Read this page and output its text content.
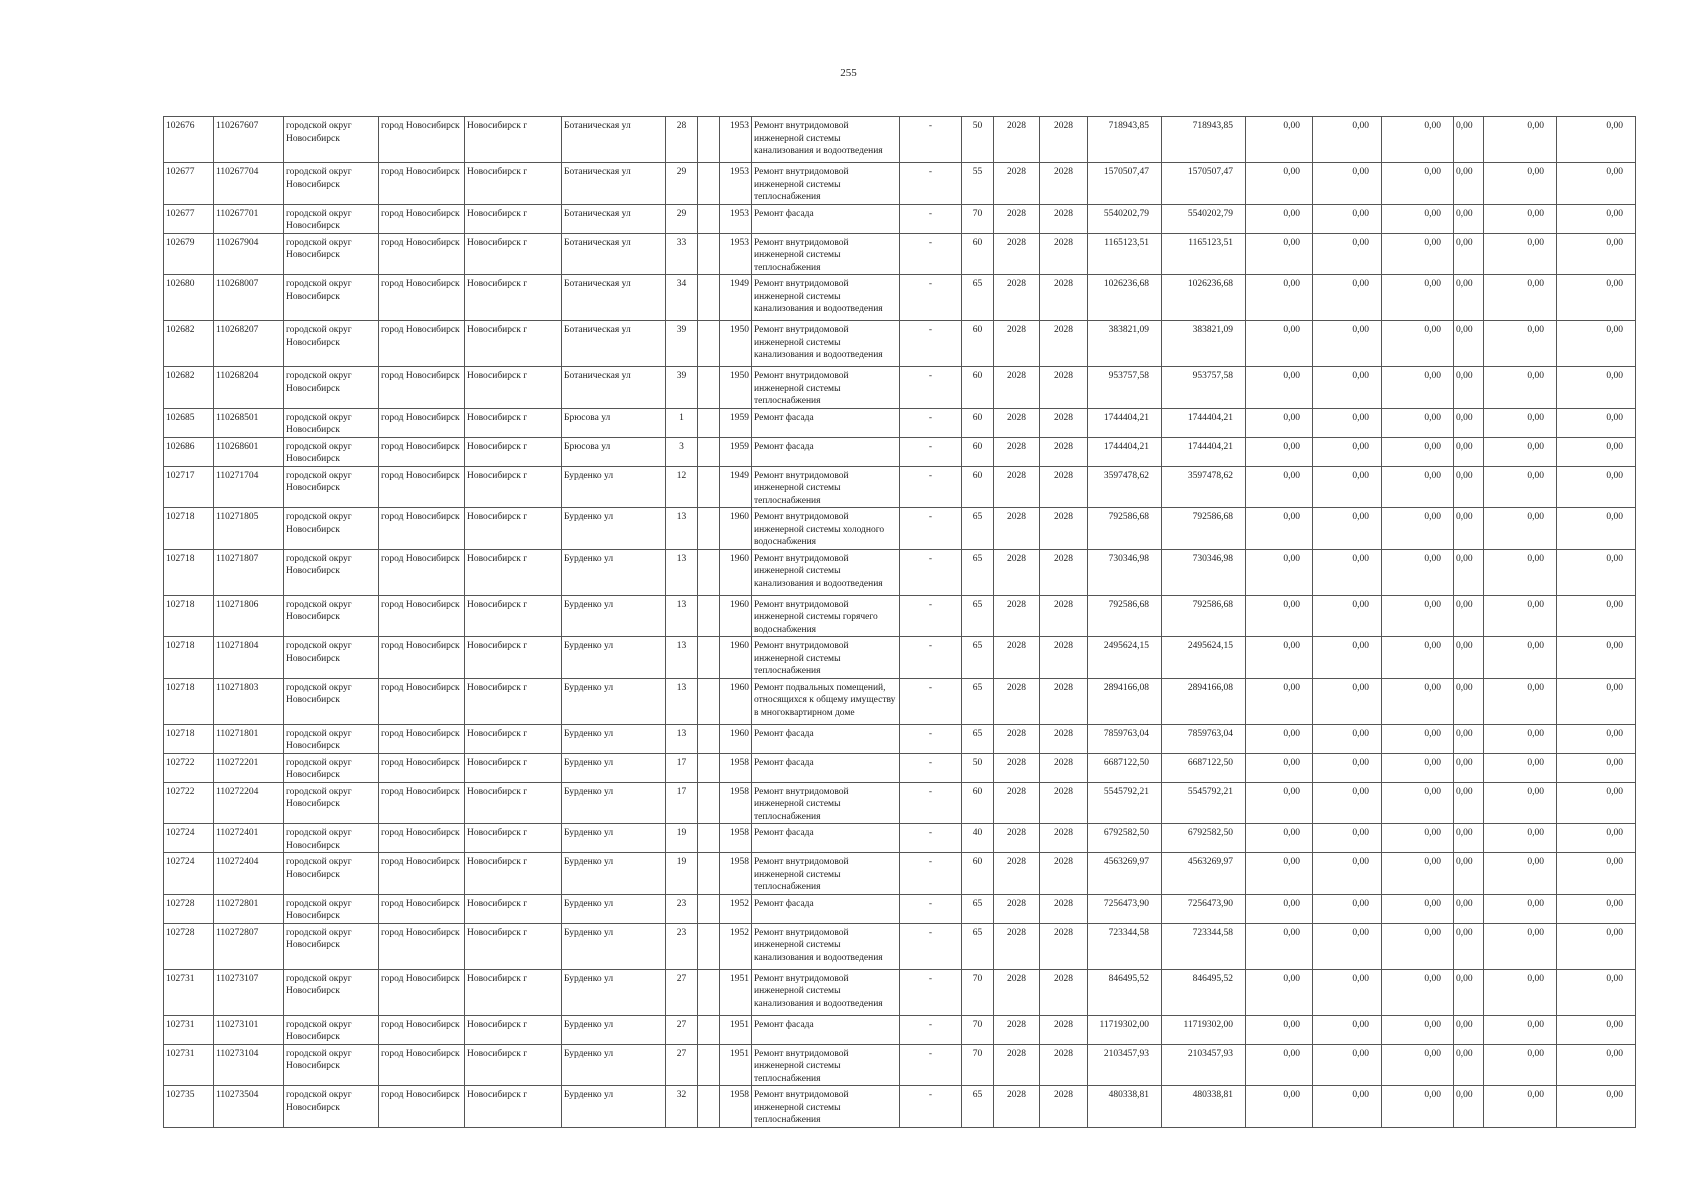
255
102676	110267607	городской округ Новосибирск	город Новосибирск	Новосибирск г	Ботаническая ул	28		1953	Ремонт внутридомовой инженерной системы канализования и водоотведения	-	50	2028	2028	718943,85	718943,85	0,00	0,00	0,00	0,00	0,00	0,00
102677	110267704	городской округ Новосибирск	город Новосибирск	Новосибирск г	Ботаническая ул	29		1953	Ремонт внутридомовой инженерной системы теплоснабжения	-	55	2028	2028	1570507,47	1570507,47	0,00	0,00	0,00	0,00	0,00	0,00
102677	110267701	городской округ Новосибирск	город Новосибирск	Новосибирск г	Ботаническая ул	29		1953	Ремонт фасада	-	70	2028	2028	5540202,79	5540202,79	0,00	0,00	0,00	0,00	0,00	0,00
102679	110267904	городской округ Новосибирск	город Новосибирск	Новосибирск г	Ботаническая ул	33		1953	Ремонт внутридомовой инженерной системы теплоснабжения	-	60	2028	2028	1165123,51	1165123,51	0,00	0,00	0,00	0,00	0,00	0,00
102680	110268007	городской округ Новосибирск	город Новосибирск	Новосибирск г	Ботаническая ул	34		1949	Ремонт внутридомовой инженерной системы канализования и водоотведения	-	65	2028	2028	1026236,68	1026236,68	0,00	0,00	0,00	0,00	0,00	0,00
102682	110268207	городской округ Новосибирск	город Новосибирск	Новосибирск г	Ботаническая ул	39		1950	Ремонт внутридомовой инженерной системы канализования и водоотведения	-	60	2028	2028	383821,09	383821,09	0,00	0,00	0,00	0,00	0,00	0,00
102682	110268204	городской округ Новосибирск	город Новосибирск	Новосибирск г	Ботаническая ул	39		1950	Ремонт внутридомовой инженерной системы теплоснабжения	-	60	2028	2028	953757,58	953757,58	0,00	0,00	0,00	0,00	0,00	0,00
102685	110268501	городской округ Новосибирск	город Новосибирск	Новосибирск г	Брюсова ул	1		1959	Ремонт фасада	-	60	2028	2028	1744404,21	1744404,21	0,00	0,00	0,00	0,00	0,00	0,00
102686	110268601	городской округ Новосибирск	город Новосибирск	Новосибирск г	Брюсова ул	3		1959	Ремонт фасада	-	60	2028	2028	1744404,21	1744404,21	0,00	0,00	0,00	0,00	0,00	0,00
102717	110271704	городской округ Новосибирск	город Новосибирск	Новосибирск г	Бурденко ул	12		1949	Ремонт внутридомовой инженерной системы теплоснабжения	-	60	2028	2028	3597478,62	3597478,62	0,00	0,00	0,00	0,00	0,00	0,00
102718	110271805	городской округ Новосибирск	город Новосибирск	Новосибирск г	Бурденко ул	13		1960	Ремонт внутридомовой инженерной системы холодного водоснабжения	-	65	2028	2028	792586,68	792586,68	0,00	0,00	0,00	0,00	0,00	0,00
102718	110271807	городской округ Новосибирск	город Новосибирск	Новосибирск г	Бурденко ул	13		1960	Ремонт внутридомовой инженерной системы канализования и водоотведения	-	65	2028	2028	730346,98	730346,98	0,00	0,00	0,00	0,00	0,00	0,00
102718	110271806	городской округ Новосибирск	город Новосибирск	Новосибирск г	Бурденко ул	13		1960	Ремонт внутридомовой инженерной системы горячего водоснабжения	-	65	2028	2028	792586,68	792586,68	0,00	0,00	0,00	0,00	0,00	0,00
102718	110271804	городской округ Новосибирск	город Новосибирск	Новосибирск г	Бурденко ул	13		1960	Ремонт внутридомовой инженерной системы теплоснабжения	-	65	2028	2028	2495624,15	2495624,15	0,00	0,00	0,00	0,00	0,00	0,00
102718	110271803	городской округ Новосибирск	город Новосибирск	Новосибирск г	Бурденко ул	13		1960	Ремонт подвальных помещений, относящихся к общему имуществу в многоквартирном доме	-	65	2028	2028	2894166,08	2894166,08	0,00	0,00	0,00	0,00	0,00	0,00
102718	110271801	городской округ Новосибирск	город Новосибирск	Новосибирск г	Бурденко ул	13		1960	Ремонт фасада	-	65	2028	2028	7859763,04	7859763,04	0,00	0,00	0,00	0,00	0,00	0,00
102722	110272201	городской округ Новосибирск	город Новосибирск	Новосибирск г	Бурденко ул	17		1958	Ремонт фасада	-	50	2028	2028	6687122,50	6687122,50	0,00	0,00	0,00	0,00	0,00	0,00
102722	110272204	городской округ Новосибирск	город Новосибирск	Новосибирск г	Бурденко ул	17		1958	Ремонт внутридомовой инженерной системы теплоснабжения	-	60	2028	2028	5545792,21	5545792,21	0,00	0,00	0,00	0,00	0,00	0,00
102724	110272401	городской округ Новосибирск	город Новосибирск	Новосибирск г	Бурденко ул	19		1958	Ремонт фасада	-	40	2028	2028	6792582,50	6792582,50	0,00	0,00	0,00	0,00	0,00	0,00
102724	110272404	городской округ Новосибирск	город Новосибирск	Новосибирск г	Бурденко ул	19		1958	Ремонт внутридомовой инженерной системы теплоснабжения	-	60	2028	2028	4563269,97	4563269,97	0,00	0,00	0,00	0,00	0,00	0,00
102728	110272801	городской округ Новосибирск	город Новосибирск	Новосибирск г	Бурденко ул	23		1952	Ремонт фасада	-	65	2028	2028	7256473,90	7256473,90	0,00	0,00	0,00	0,00	0,00	0,00
102728	110272807	городской округ Новосибирск	город Новосибирск	Новосибирск г	Бурденко ул	23		1952	Ремонт внутридомовой инженерной системы канализования и водоотведения	-	65	2028	2028	723344,58	723344,58	0,00	0,00	0,00	0,00	0,00	0,00
102731	110273107	городской округ Новосибирск	город Новосибирск	Новосибирск г	Бурденко ул	27		1951	Ремонт внутридомовой инженерной системы канализования и водоотведения	-	70	2028	2028	846495,52	846495,52	0,00	0,00	0,00	0,00	0,00	0,00
102731	110273101	городской округ Новосибирск	город Новосибирск	Новосибирск г	Бурденко ул	27		1951	Ремонт фасада	-	70	2028	2028	11719302,00	11719302,00	0,00	0,00	0,00	0,00	0,00	0,00
102731	110273104	городской округ Новосибирск	город Новосибирск	Новосибирск г	Бурденко ул	27		1951	Ремонт внутридомовой инженерной системы теплоснабжения	-	70	2028	2028	2103457,93	2103457,93	0,00	0,00	0,00	0,00	0,00	0,00
102735	110273504	городской округ Новосибирск	город Новосибирск	Новосибирск г	Бурденко ул	32		1958	Ремонт внутридомовой инженерной системы теплоснабжения	-	65	2028	2028	480338,81	480338,81	0,00	0,00	0,00	0,00	0,00	0,00
